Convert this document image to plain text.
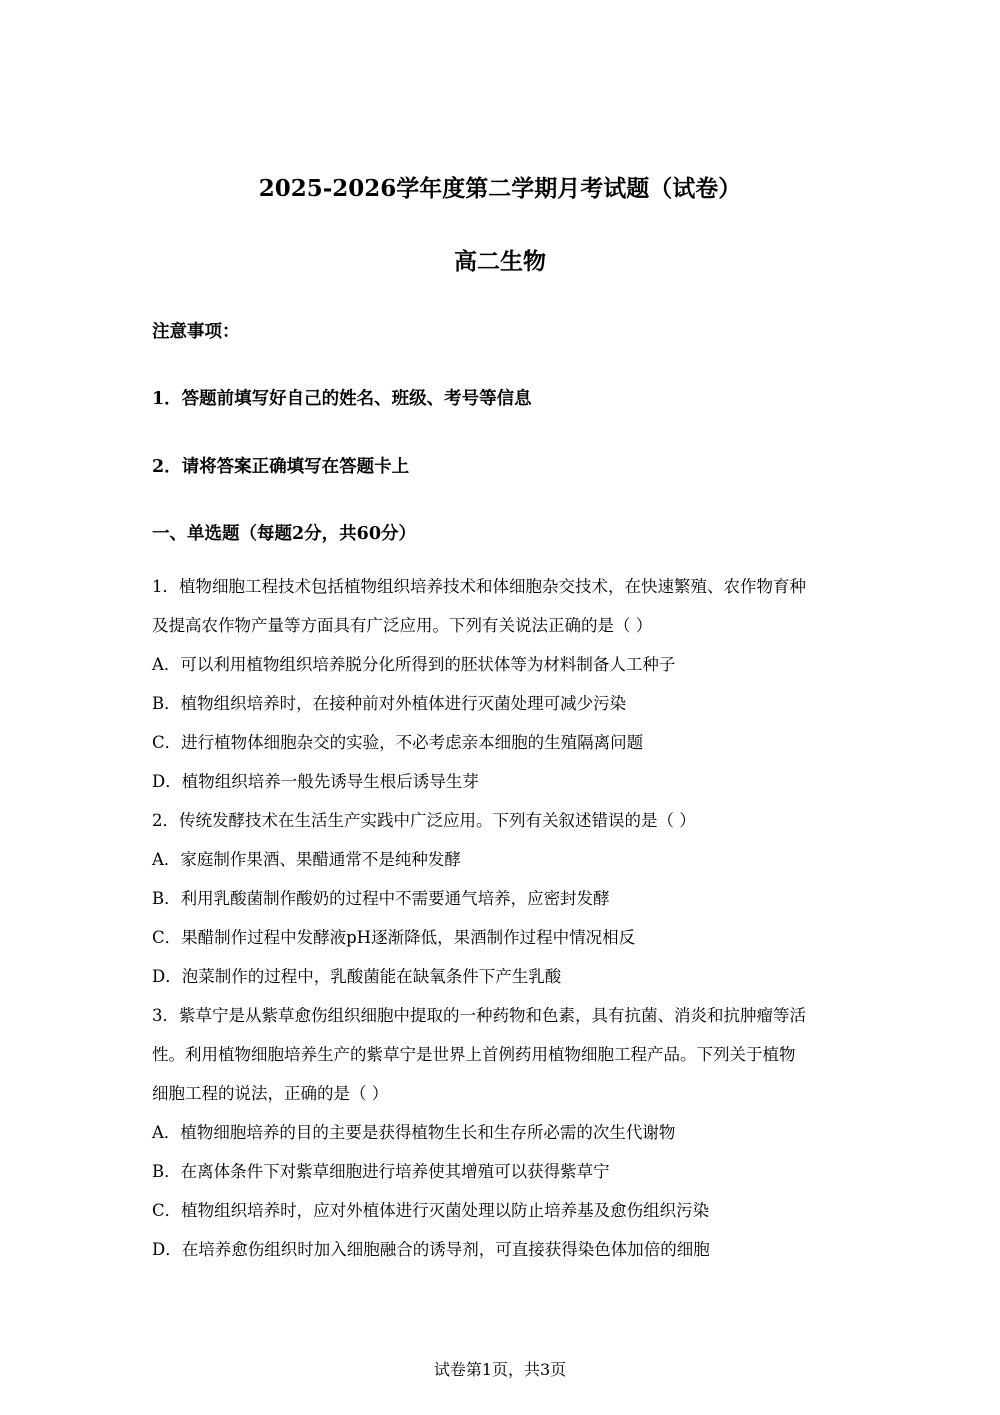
2025-2026学年度第二学期月考试题（试卷）
高二生物
注意事项：
1．答题前填写好自己的姓名、班级、考号等信息
2．请将答案正确填写在答题卡上
一、单选题（每题2分，共60分）
1．植物细胞工程技术包括植物组织培养技术和体细胞杂交技术，在快速繁殖、农作物育种
及提高农作物产量等方面具有广泛应用。下列有关说法正确的是（ ）
A．可以利用植物组织培养脱分化所得到的胚状体等为材料制备人工种子
B．植物组织培养时，在接种前对外植体进行灭菌处理可减少污染
C．进行植物体细胞杂交的实验，不必考虑亲本细胞的生殖隔离问题
D．植物组织培养一般先诱导生根后诱导生芽
2．传统发酵技术在生活生产实践中广泛应用。下列有关叙述错误的是（ ）
A．家庭制作果酒、果醋通常不是纯种发酵
B．利用乳酸菌制作酸奶的过程中不需要通气培养，应密封发酵
C．果醋制作过程中发酵液pH逐渐降低，果酒制作过程中情况相反
D．泡菜制作的过程中，乳酸菌能在缺氧条件下产生乳酸
3．紫草宁是从紫草愈伤组织细胞中提取的一种药物和色素，具有抗菌、消炎和抗肿瘤等活
性。利用植物细胞培养生产的紫草宁是世界上首例药用植物细胞工程产品。下列关于植物
细胞工程的说法，正确的是（ ）
A．植物细胞培养的目的主要是获得植物生长和生存所必需的次生代谢物
B．在离体条件下对紫草细胞进行培养使其增殖可以获得紫草宁
C．植物组织培养时，应对外植体进行灭菌处理以防止培养基及愈伤组织污染
D．在培养愈伤组织时加入细胞融合的诱导剂，可直接获得染色体加倍的细胞
试卷第1页，共3页
